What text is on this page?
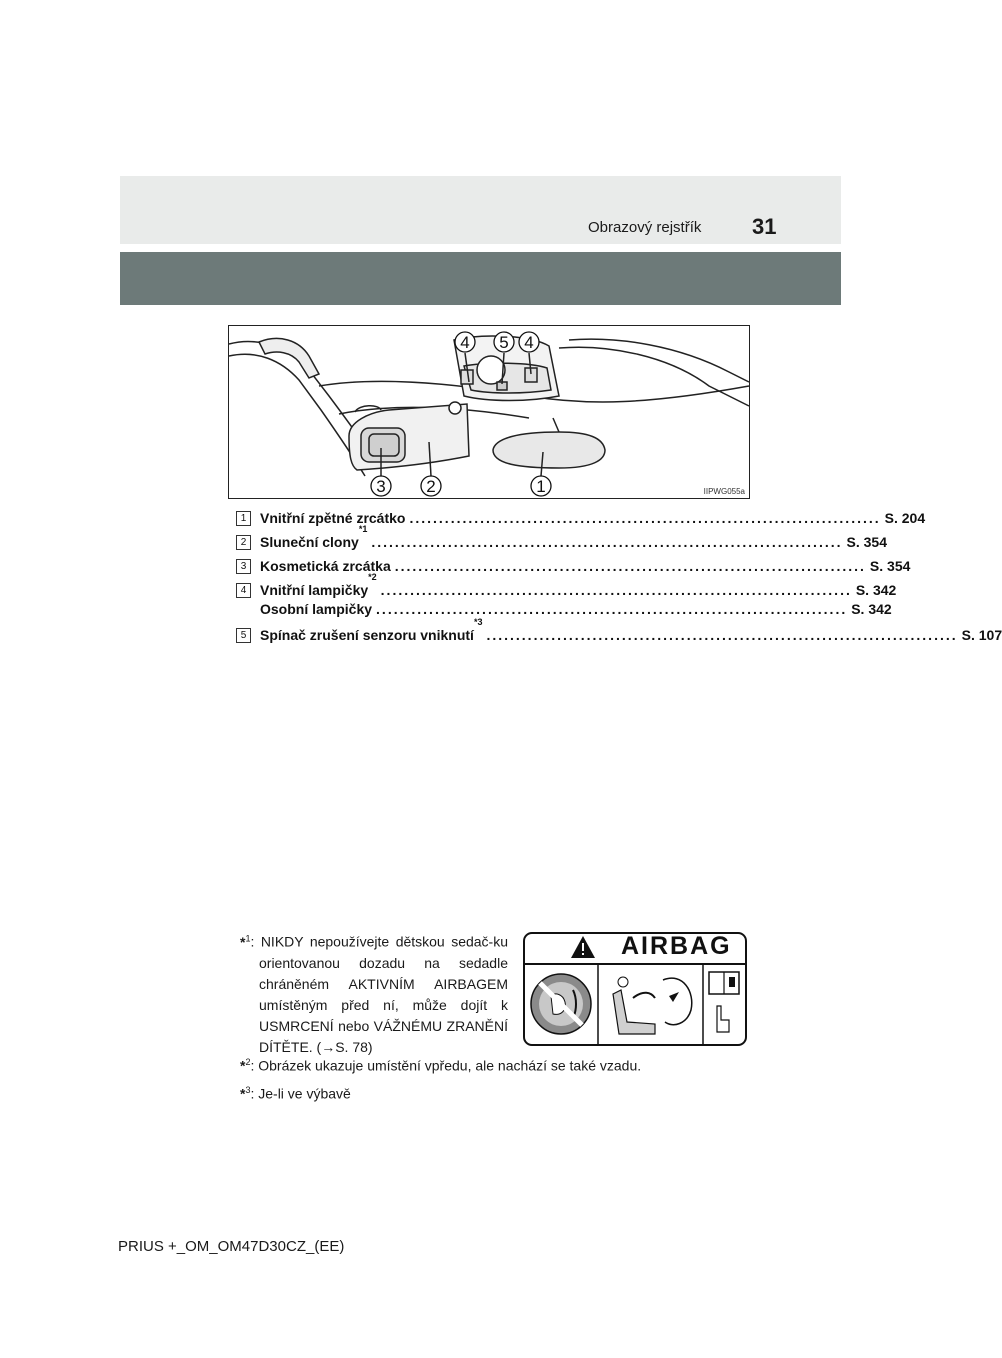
Obrazový rejstřík 31
4 5 4
3 2	1	IIPWG055a
1 Vnitřní zpětné zrcátko ................................................................................ S. 204
2 Sluneční clony
$^{*1}$
................................................................................ S. 354
3 Kosmetická zrcátka ................................................................................ S. 354
4 Vnitřní lampičky
$^{*2}$
................................................................................ S. 342
Osobní lampičky ................................................................................ S. 342
5 Spínač zrušení senzoru vniknutí
$^{*3}$
................................................................................ S. 107
*$^1$: NIKDY nepoužívejte dětskou sedač-ku orientovanou dozadu na sedadle chráněném AKTIVNÍM AIRBAGEM umístěným před ní, může dojít k USMRCENÍ nebo VÁŽNÉMU ZRANĚNÍ DÍTĚTE. (→S. 78)
AIRBAG
*$^2$: Obrázek ukazuje umístění vpředu, ale nachází se také vzadu.
*$^3$: Je-li ve výbavě
PRIUS +_OM_OM47D30CZ_(EE)
